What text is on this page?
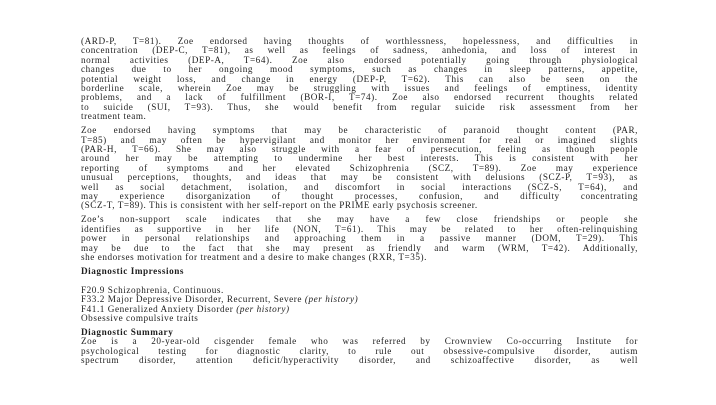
(ARD-P, T=81). Zoe endorsed having thoughts of worthlessness, hopelessness, and difficulties in
concentration (DEP-C, T=81), as well as feelings of sadness, anhedonia, and loss of interest in
normal activities (DEP-A, T=64). Zoe also endorsed potentially going through physiological
changes due to her ongoing mood symptoms, such as changes in sleep patterns, appetite,
potential weight loss, and change in energy (DEP-P, T=62). This can also be seen on the
borderline scale, wherein Zoe may be struggling with issues and feelings of emptiness, identity
problems, and a lack of fulfillment (BOR-I, T=74). Zoe also endorsed recurrent thoughts related
to suicide (SUI, T=93). Thus, she would benefit from regular suicide risk assessment from her
treatment team.
Zoe endorsed having symptoms that may be characteristic of paranoid thought content (PAR,
T=85) and may often be hypervigilant and monitor her environment for real or imagined slights
(PAR-H, T=66). She may also struggle with a fear of persecution, feeling as though people
around her may be attempting to undermine her best interests. This is consistent with her
reporting of symptoms and her elevated Schizophrenia (SCZ, T=89). Zoe may experience
unusual perceptions, thoughts, and ideas that may be consistent with delusions (SCZ-P, T=93), as
well as social detachment, isolation, and discomfort in social interactions (SCZ-S, T=64), and
may experience disorganization of thought processes, confusion, and difficulty concentrating
(SCZ-T, T=89). This is consistent with her self-report on the PRIME early psychosis screener.
Zoe’s non-support scale indicates that she may have a few close friendships or people she
identifies as supportive in her life (NON, T=61). This may be related to her often-relinquishing
power in personal relationships and approaching them in a passive manner (DOM, T=29). This
may be due to the fact that she may present as friendly and warm (WRM, T=42). Additionally,
she endorses motivation for treatment and a desire to make changes (RXR, T=35).
Diagnostic Impressions
F20.9 Schizophrenia, Continuous.
F33.2 Major Depressive Disorder, Recurrent, Severe (per history)
F41.1 Generalized Anxiety Disorder (per history)
Obsessive compulsive traits
Diagnostic Summary
Zoe is a 20-year-old cisgender female who was referred by Crownview Co-occurring Institute for
psychological testing for diagnostic clarity, to rule out obsessive-compulsive disorder, autism
spectrum disorder, attention deficit/hyperactivity disorder, and schizoaffective disorder, as well
